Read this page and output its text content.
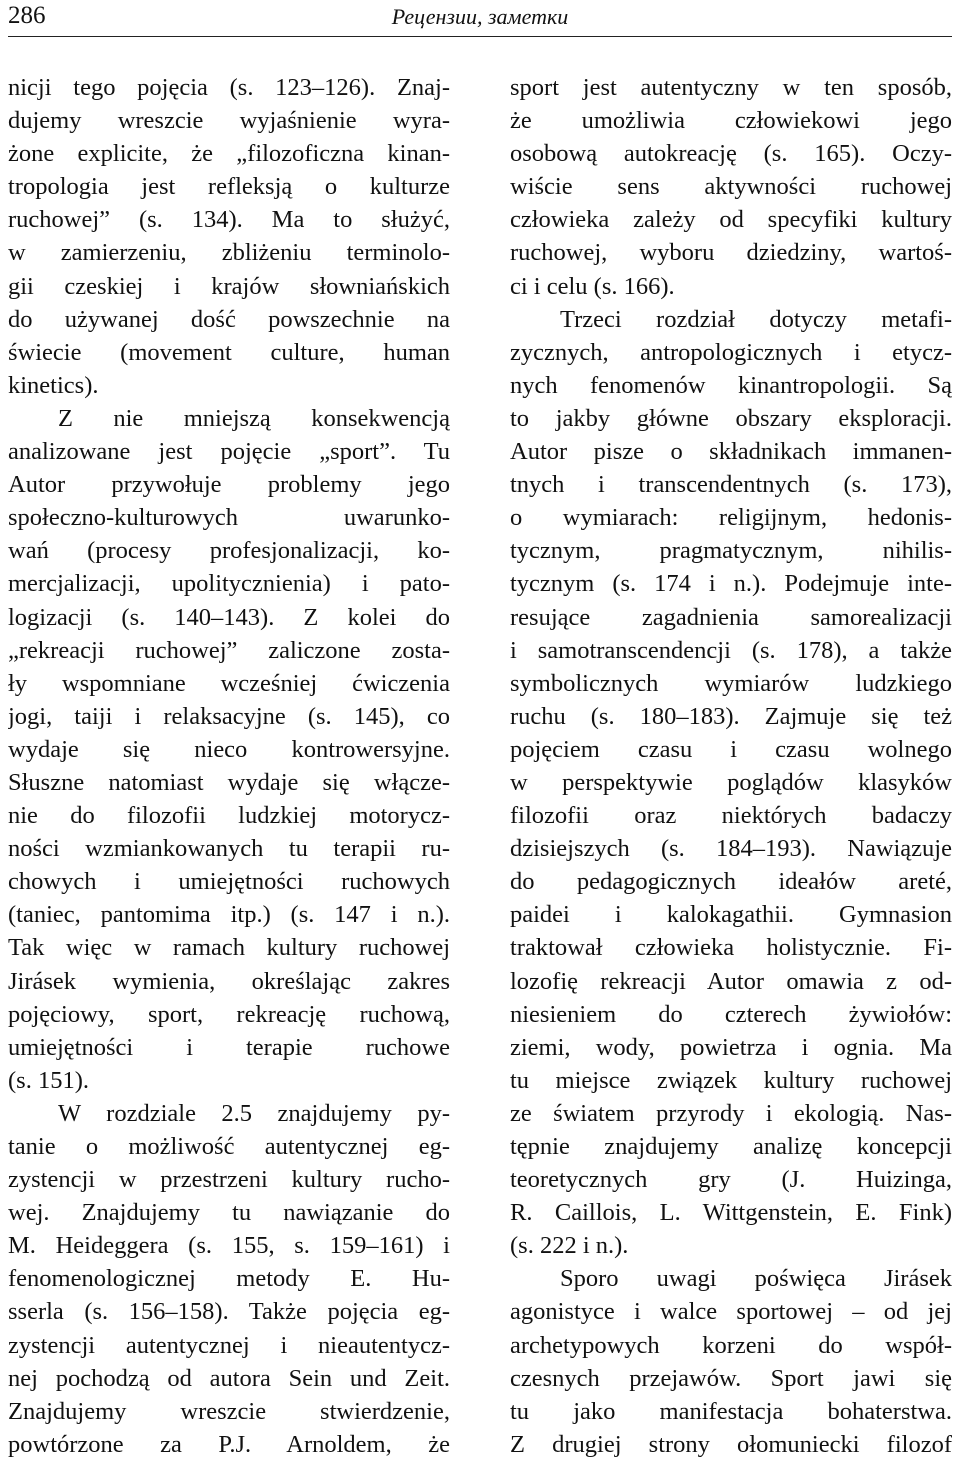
286	Рецензии, заметки
nicji tego pojęcia (s. 123–126). Znaj-
dujemy wreszcie wyjaśnienie wyra-
żone explicite, że „filozoficzna kinan-
tropologia jest refleksją o kulturze
ruchowej” (s. 134). Ma to służyć,
w zamierzeniu, zbliżeniu terminolo-
gii czeskiej i krajów słowniańskich
do używanej dość powszechnie na
świecie (movement culture, human
kinetics).
Z nie mniejszą konsekwencją
analizowane jest pojęcie „sport”. Tu
Autor przywołuje problemy jego
społeczno-kulturowych uwarunko-
wań (procesy profesjonalizacji, ko-
mercjalizacji, upolitycznienia) i pato-
logizacji (s. 140–143). Z kolei do
„rekreacji ruchowej” zaliczone zosta-
ły wspomniane wcześniej ćwiczenia
jogi, taiji i relaksacyjne (s. 145), co
wydaje się nieco kontrowersyjne.
Słuszne natomiast wydaje się włącze-
nie do filozofii ludzkiej motorycz-
ności wzmiankowanych tu terapii ru-
chowych i umiejętności ruchowych
(taniec, pantomima itp.) (s. 147 i n.).
Tak więc w ramach kultury ruchowej
Jirásek wymienia, określając zakres
pojęciowy, sport, rekreację ruchową,
umiejętności i terapie ruchowe
(s. 151).
W rozdziale 2.5 znajdujemy py-
tanie o możliwość autentycznej eg-
zystencji w przestrzeni kultury rucho-
wej. Znajdujemy tu nawiązanie do
M. Heideggera (s. 155, s. 159–161) i
fenomenologicznej metody E. Hu-
sserla (s. 156–158). Także pojęcia eg-
zystencji autentycznej i nieautentycz-
nej pochodzą od autora Sein und Zeit.
Znajdujemy wreszcie stwierdzenie,
powtórzone za P.J. Arnoldem, że
sport jest autentyczny w ten sposób,
że umożliwia człowiekowi jego
osobową autokreację (s. 165). Oczy-
wiście sens aktywności ruchowej
człowieka zależy od specyfiki kultury
ruchowej, wyboru dziedziny, wartoś-
ci i celu (s. 166).
Trzeci rozdział dotyczy metafi-
zycznych, antropologicznych i etycz-
nych fenomenów kinantropologii. Są
to jakby główne obszary eksploracji.
Autor pisze o składnikach immanen-
tnych i transcendentnych (s. 173),
o wymiarach: religijnym, hedonis-
tycznym, pragmatycznym, nihilis-
tycznym (s. 174 i n.). Podejmuje inte-
resujące zagadnienia samorealizacji
i samotranscendencji (s. 178), a także
symbolicznych wymiarów ludzkiego
ruchu (s. 180–183). Zajmuje się też
pojęciem czasu i czasu wolnego
w perspektywie poglądów klasyków
filozofii oraz niektórych badaczy
dzisiejszych (s. 184–193). Nawiązuje
do pedagogicznych ideałów areté,
paidei i kalokagathii. Gymnasion
traktował człowieka holistycznie. Fi-
lozofię rekreacji Autor omawia z od-
niesieniem do czterech żywiołów:
ziemi, wody, powietrza i ognia. Ma
tu miejsce związek kultury ruchowej
ze światem przyrody i ekologią. Nas-
tępnie znajdujemy analizę koncepcji
teoretycznych gry (J. Huizinga,
R. Caillois, L. Wittgenstein, E. Fink)
(s. 222 i n.).
Sporo uwagi poświęca Jirásek
agonistyce i walce sportowej – od jej
archetypowych korzeni do współ-
czesnych przejawów. Sport jawi się
tu jako manifestacja bohaterstwa.
Z drugiej strony ołomuniecki filozof
